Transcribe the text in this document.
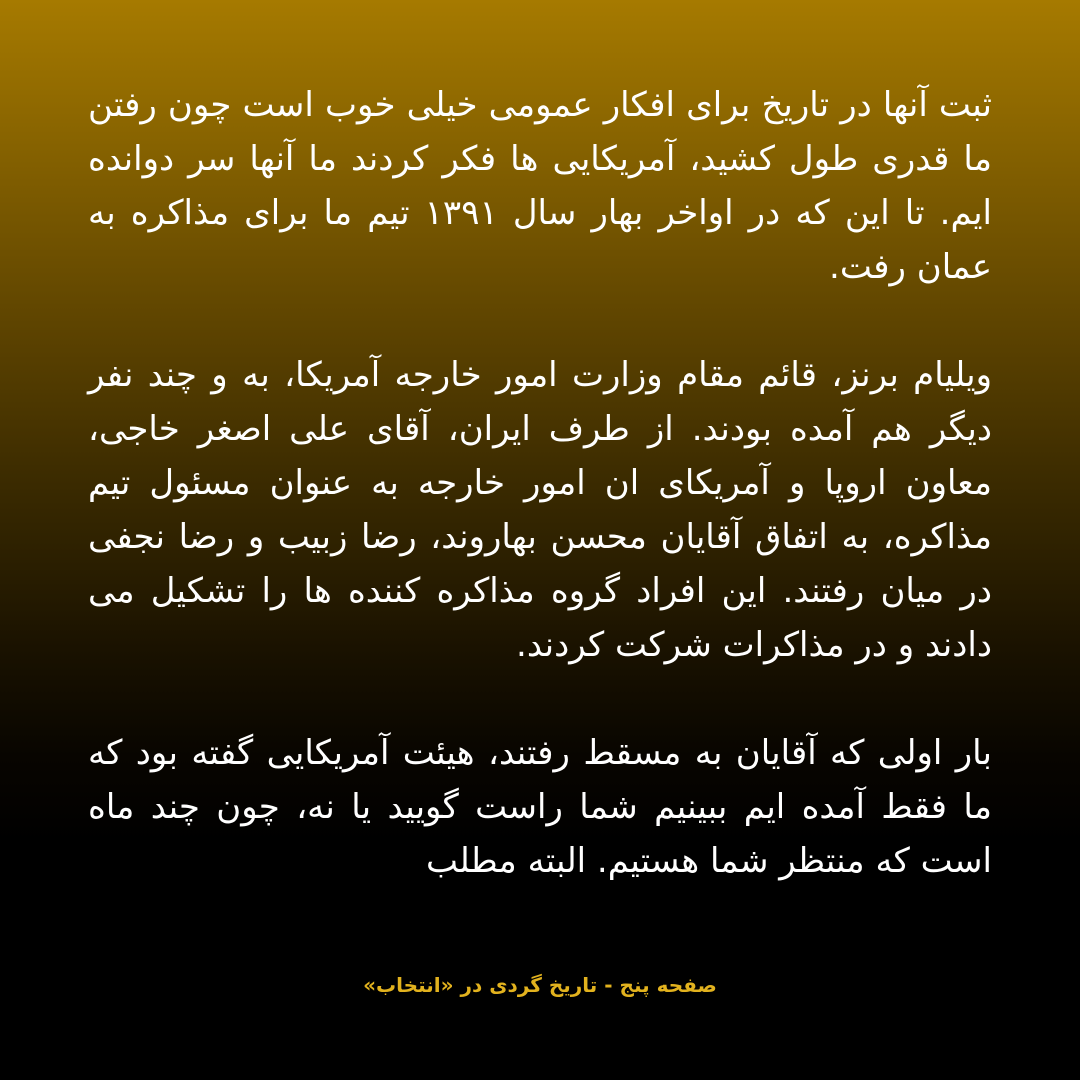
ثبت آنها در تاریخ برای افکار عمومی خیلی خوب است چون رفتن ما قدری طول کشید، آمریکایی ها فکر کردند ما آنها سر دوانده ایم. تا این که در اواخر بهار سال ۱۳۹۱ تیم ما برای مذاکره به عمان رفت.

ویلیام برنز، قائم مقام وزارت امور خارجه آمریکا، به و چند نفر دیگر هم آمده بودند. از طرف ایران، آقای علی اصغر خاجی، معاون اروپا و آمریکای ان امور خارجه به عنوان مسئول تیم مذاکره، به اتفاق آقایان محسن بهاروند، رضا زبیب و رضا نجفی در میان رفتند. این افراد گروه مذاکره کننده ها را تشکیل می دادند و در مذاکرات شرکت کردند.

بار اولی که آقایان به مسقط رفتند، هیئت آمریکایی گفته بود که ما فقط آمده ایم ببینیم شما راست گویید یا نه، چون چند ماه است که منتظر شما هستیم. البته مطلب

صفحه پنج - تاریخ گردی در «انتخاب»
